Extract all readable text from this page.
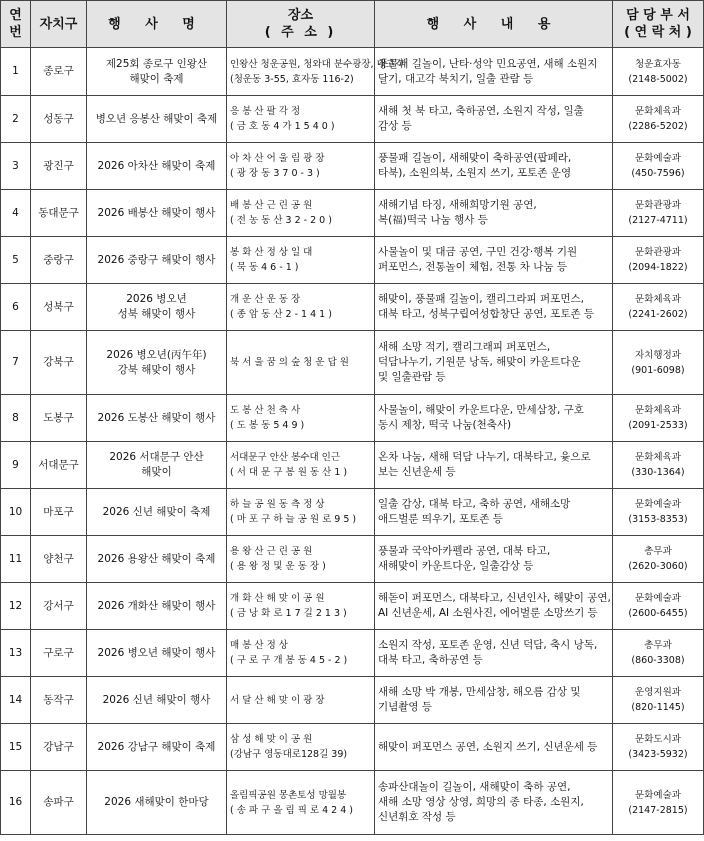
연번	자치구	행 사 명	장소
( 주 소 )	행 사 내 용	담 당 부 서
( 연 락 처 )

1	종로구	제25회 종로구 인왕산
해맞이 축제	인왕산 청운공원, 청와대 분수광장, 대고각
(청운동 3-55, 효자동 116-2)	풍물패 길놀이, 난타·성악 민요공연, 새해 소원지
달기, 대고각 북치기, 일출 관람 등	청운효자동
(2148-5002)

2	성동구	병오년 응봉산 해맞이 축제	응 봉 산 팔 각 정
( 금 호 동 4 가 1 5 4 0 )	새해 첫 북 타고, 축하공연, 소원지 작성, 일출
감상 등	문화체육과
(2286-5202)

3	광진구	2026 아차산 해맞이 축제	아 차 산 어 울 림 광 장
( 광 장 동 3 7 0 - 3 )	풍물패 길놀이, 새해맞이 축하공연(팝페라,
타북), 소원의북, 소원지 쓰기, 포토존 운영	문화예술과
(450-7596)

4	동대문구	2026 배봉산 해맞이 행사	배 봉 산 근 린 공 원
( 전 농 동 산 3 2 - 2 0 )	새해기념 타징, 새해희망기원 공연,
복(福)떡국 나눔 행사 등	문화관광과
(2127-4711)

5	중랑구	2026 중랑구 해맞이 행사	봉 화 산 정 상 일 대
( 묵 동 4 6 - 1 )	사물놀이 및 대금 공연, 구민 건강·행복 기원
퍼포먼스, 전통놀이 체험, 전통 차 나눔 등	문화관광과
(2094-1822)

6	성북구	2026 병오년
성북 해맞이 행사	개 운 산 운 동 장
( 종 암 동 산 2 - 1 4 1 )	해맞이, 풍물패 길놀이, 캘리그라피 퍼포먼스,
대북 타고, 성북구립여성합창단 공연, 포토존 등	문화체육과
(2241-2602)

7	강북구	2026 병오년(丙午年)
강북 해맞이 행사	북 서 울 꿈 의 숲 청 운 답 원	새해 소망 적기, 캘리그래피 퍼포먼스,
덕담나누기, 기원문 낭독, 해맞이 카운트다운
및 일출관람 등	자치행정과
(901-6098)

8	도봉구	2026 도봉산 해맞이 행사	도 봉 산 천 축 사
( 도 봉 동 5 4 9 )	사물놀이, 해맞이 카운트다운, 만세삼창, 구호
동시 제창, 떡국 나눔(천축사)	문화체육과
(2091-2533)

9	서대문구	2026 서대문구 안산
해맞이	서대문구 안산 봉수대 인근
( 서 대 문 구 봉 원 동 산 1 )	온차 나눔, 새해 덕담 나누기, 대북타고, 윷으로
보는 신년운세 등	문화체육과
(330-1364)

10	마포구	2026 신년 해맞이 축제	하 늘 공 원 동 측 정 상
( 마 포 구 하 늘 공 원 로 9 5 )	일출 감상, 대북 타고, 축하 공연, 새해소망
애드벌룬 띄우기, 포토존 등	문화예술과
(3153-8353)

11	양천구	2026 용왕산 해맞이 축제	용 왕 산 근 린 공 원
( 용 왕 정 및 운 동 장 )	풍물과 국악아카펠라 공연, 대북 타고,
새해맞이 카운트다운, 일출감상 등	총무과
(2620-3060)

12	강서구	2026 개화산 해맞이 행사	개 화 산 해 맞 이 공 원
( 금 낭 화 로 1 7 길 2 1 3 )	해돋이 퍼포먼스, 대북타고, 신년인사, 해맞이 공연,
AI 신년운세, AI 소원사진, 에어벌룬 소망쓰기 등	문화예술과
(2600-6455)

13	구로구	2026 병오년 해맞이 행사	매 봉 산 정 상
( 구 로 구 개 봉 동 4 5 - 2 )	소원지 작성, 포토존 운영, 신년 덕담, 축시 낭독,
대북 타고, 축하공연 등	총무과
(860-3308)

14	동작구	2026 신년 해맞이 행사	서 달 산 해 맞 이 광 장	새해 소망 박 개봉, 만세삼창, 해오름 감상 및
기념촬영 등	운영지원과
(820-1145)

15	강남구	2026 강남구 해맞이 축제	삼 성 해 맞 이 공 원
(강남구 영동대로128길 39)	해맞이 퍼포먼스 공연, 소원지 쓰기, 신년운세 등	문화도시과
(3423-5932)

16	송파구	2026 새해맞이 한마당	올림픽공원 몽촌토성 망월봉
( 송 파 구 올 림 픽 로 4 2 4 )	송파산대놀이 길놀이, 새해맞이 축하 공연,
새해 소망 영상 상영, 희망의 종 타종, 소원지,
신년휘호 작성 등	문화예술과
(2147-2815)
